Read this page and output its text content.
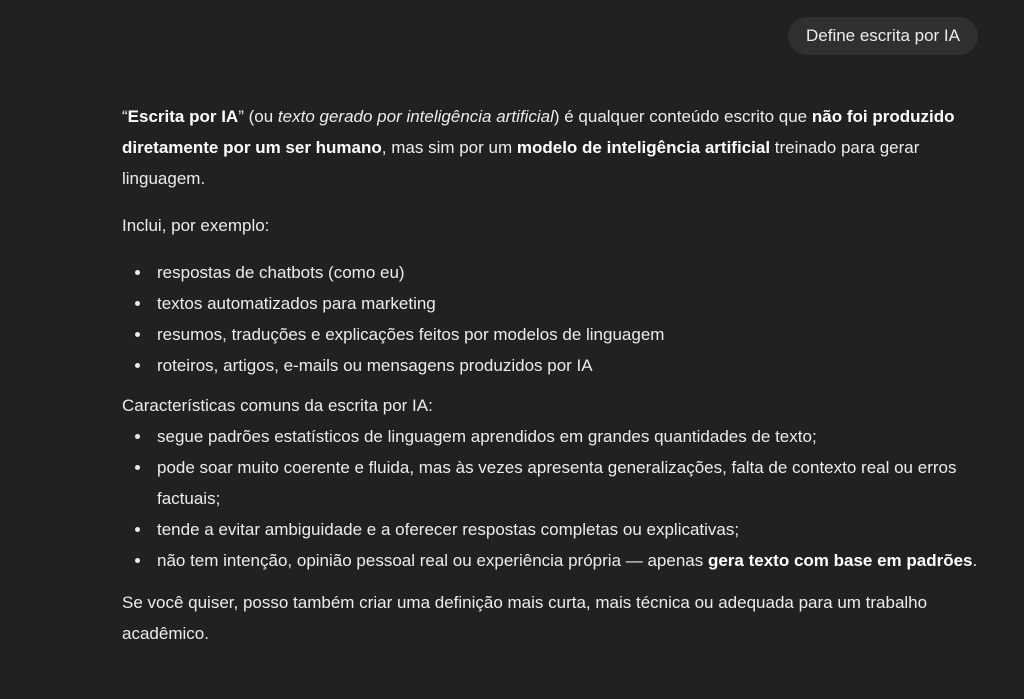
Define escrita por IA

“Escrita por IA” (ou texto gerado por inteligência artificial) é qualquer conteúdo escrito que não foi produzido diretamente por um ser humano, mas sim por um modelo de inteligência artificial treinado para gerar linguagem.

Inclui, por exemplo:

respostas de chatbots (como eu)
textos automatizados para marketing
resumos, traduções e explicações feitos por modelos de linguagem
roteiros, artigos, e-mails ou mensagens produzidos por IA

Características comuns da escrita por IA:

segue padrões estatísticos de linguagem aprendidos em grandes quantidades de texto;
pode soar muito coerente e fluida, mas às vezes apresenta generalizações, falta de contexto real ou erros factuais;
tende a evitar ambiguidade e a oferecer respostas completas ou explicativas;
não tem intenção, opinião pessoal real ou experiência própria — apenas gera texto com base em padrões.

Se você quiser, posso também criar uma definição mais curta, mais técnica ou adequada para um trabalho acadêmico.
